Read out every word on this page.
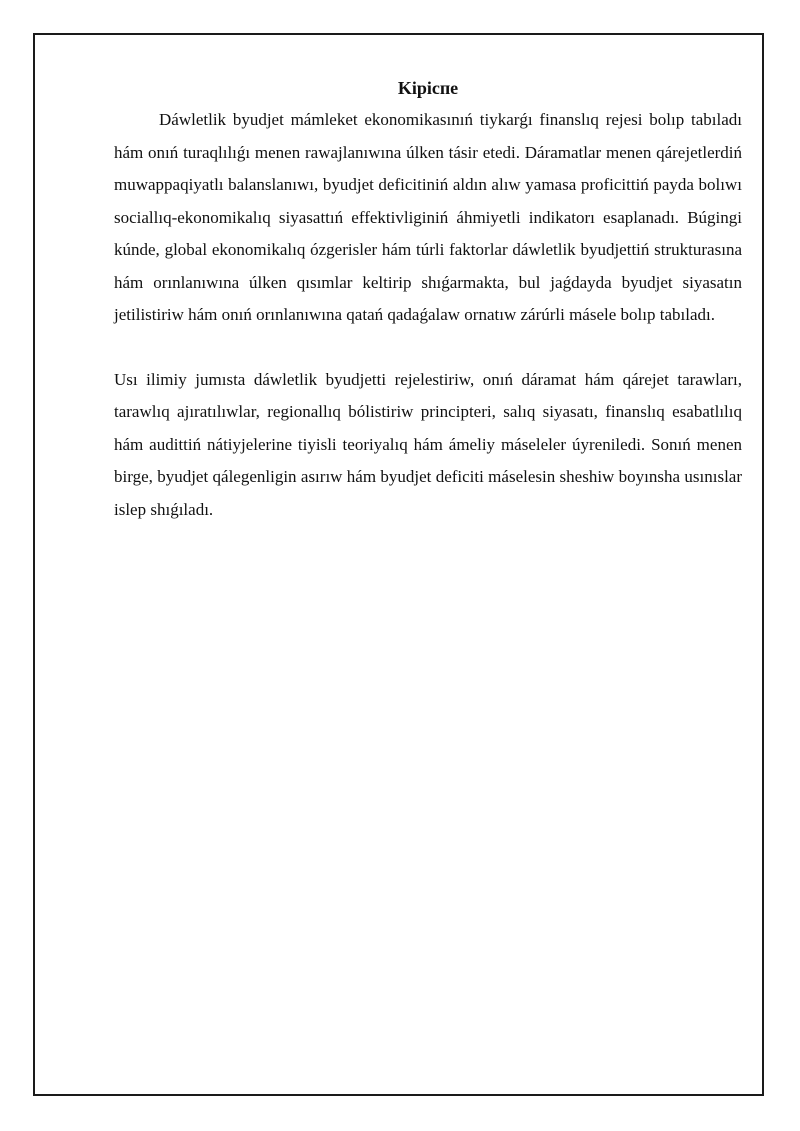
Kipicпe

Dáwletlik byudjet mámleket ekonomikasınıń tiykarǵı finanslıq rejesi bolıp tabıladı hám onıń turaqlılıǵı menen rawajlanıwına úlken tásir etedi. Dáramatlar menen qárejetlerdiń muwappaqiyatlı balanslanıwı, byudjet deficitiniń aldın alıw yamasa proficittiń payda bolıwı sociallıq-ekonomikalıq siyasattıń effektivliginiń áhmiyetli indikatorı esaplanadı. Búgingi kúnde, global ekonomikalıq ózgerisler hám túrli faktorlar dáwletlik byudjettiń strukturasına hám orınlanıwına úlken qısımlar keltirip shıǵarmakta, bul jaǵdayda byudjet siyasatın jetilistiriw hám onıń orınlanıwına qatań qadaǵalaw ornatıw zárúrli másele bolıp tabıladı.

Usı ilimiy jumısta dáwletlik byudjetti rejelestiriw, onıń dáramat hám qárejet tarawları, tarawlıq ajıratılıwlar, regionallıq bólistiriw principteri, salıq siyasatı, finanslıq esabatlılıq hám audittiń nátiyjelerine tiyisli teoriyalıq hám ámeliy máseleler úyreniledi. Sonıń menen birge, byudjet qálegenligin asırıw hám byudjet deficiti máselesin sheshiw boyınsha usınıslar islep shıǵıladı.
